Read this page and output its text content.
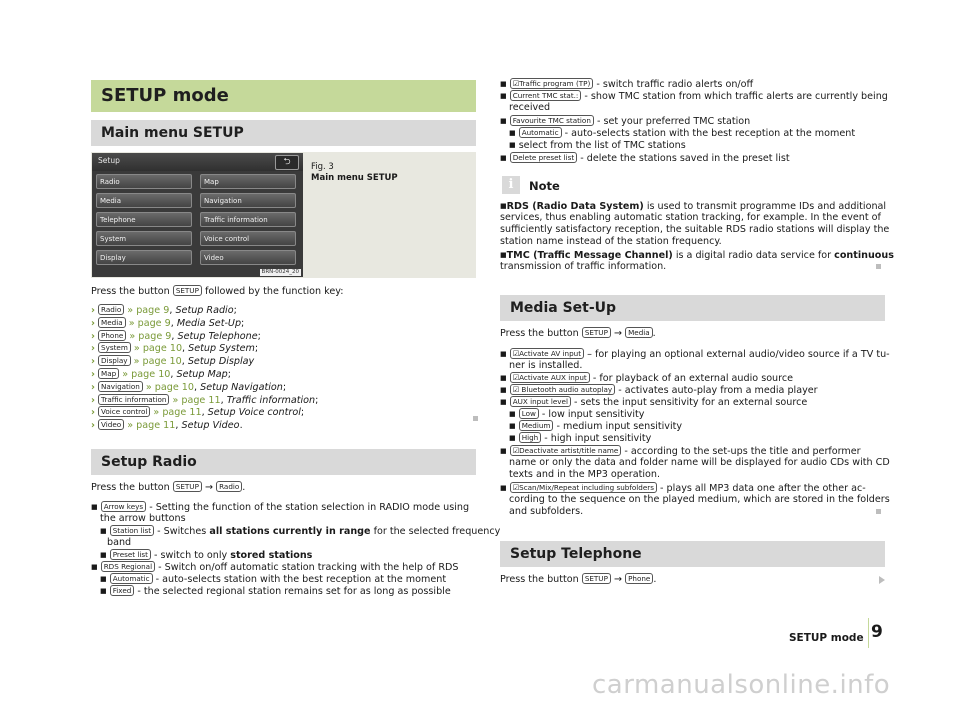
SETUP mode
Main menu SETUP
Setup	⮌
Radio	Map
Media	Navigation
Telephone	Traffic information
System	Voice control
Display	Video
BRN-0024_20
Fig. 3
Main menu SETUP
Press the button SETUP followed by the function key:
› Radio » page 9, Setup Radio;
› Media » page 9, Media Set-Up;
› Phone » page 9, Setup Telephone;
› System » page 10, Setup System;
› Display » page 10, Setup Display
› Map » page 10, Setup Map;
› Navigation » page 10, Setup Navigation;
› Traffic information » page 11, Traffic information;
› Voice control » page 11, Setup Voice control;
› Video » page 11, Setup Video.
Setup Radio
Press the button SETUP → Radio .
■ Arrow keys - Setting the function of the station selection in RADIO mode using
the arrow buttons
■ Station list - Switches all stations currently in range for the selected frequency
band
■ Preset list - switch to only stored stations
■ RDS Regional - Switch on/off automatic station tracking with the help of RDS
■ Automatic - auto-selects station with the best reception at the moment
■ Fixed - the selected regional station remains set for as long as possible
■ ☑Traffic program (TP) - switch traffic radio alerts on/off
■ Current TMC stat.: - show TMC station from which traffic alerts are currently being
received
■ Favourite TMC station - set your preferred TMC station
■ Automatic - auto-selects station with the best reception at the moment
■ select from the list of TMC stations
■ Delete preset list - delete the stations saved in the preset list
i	Note
■RDS (Radio Data System) is used to transmit programme IDs and additional
services, thus enabling automatic station tracking, for example. In the event of
sufficiently satisfactory reception, the suitable RDS radio stations will display the
station name instead of the station frequency.
■TMC (Traffic Message Channel) is a digital radio data service for continuous
transmission of traffic information.
Media Set-Up
Press the button SETUP → Media .
■ ☑Activate AV input – for playing an optional external audio/video source if a TV tu-
ner is installed.
■ ☑Activate AUX input - for playback of an external audio source
■ ☑ Bluetooth audio autoplay - activates auto-play from a media player
■ AUX input level - sets the input sensitivity for an external source
■ Low - low input sensitivity
■ Medium - medium input sensitivity
■ High - high input sensitivity
■ ☑Deactivate artist/title name - according to the set-ups the title and performer
name or only the data and folder name will be displayed for audio CDs with CD
texts and in the MP3 operation.
■ ☑Scan/Mix/Repeat including subfolders - plays all MP3 data one after the other ac-
cording to the sequence on the played medium, which are stored in the folders
and subfolders.
Setup Telephone
Press the button SETUP → Phone .
SETUP mode 9
carmanualsonline.info
